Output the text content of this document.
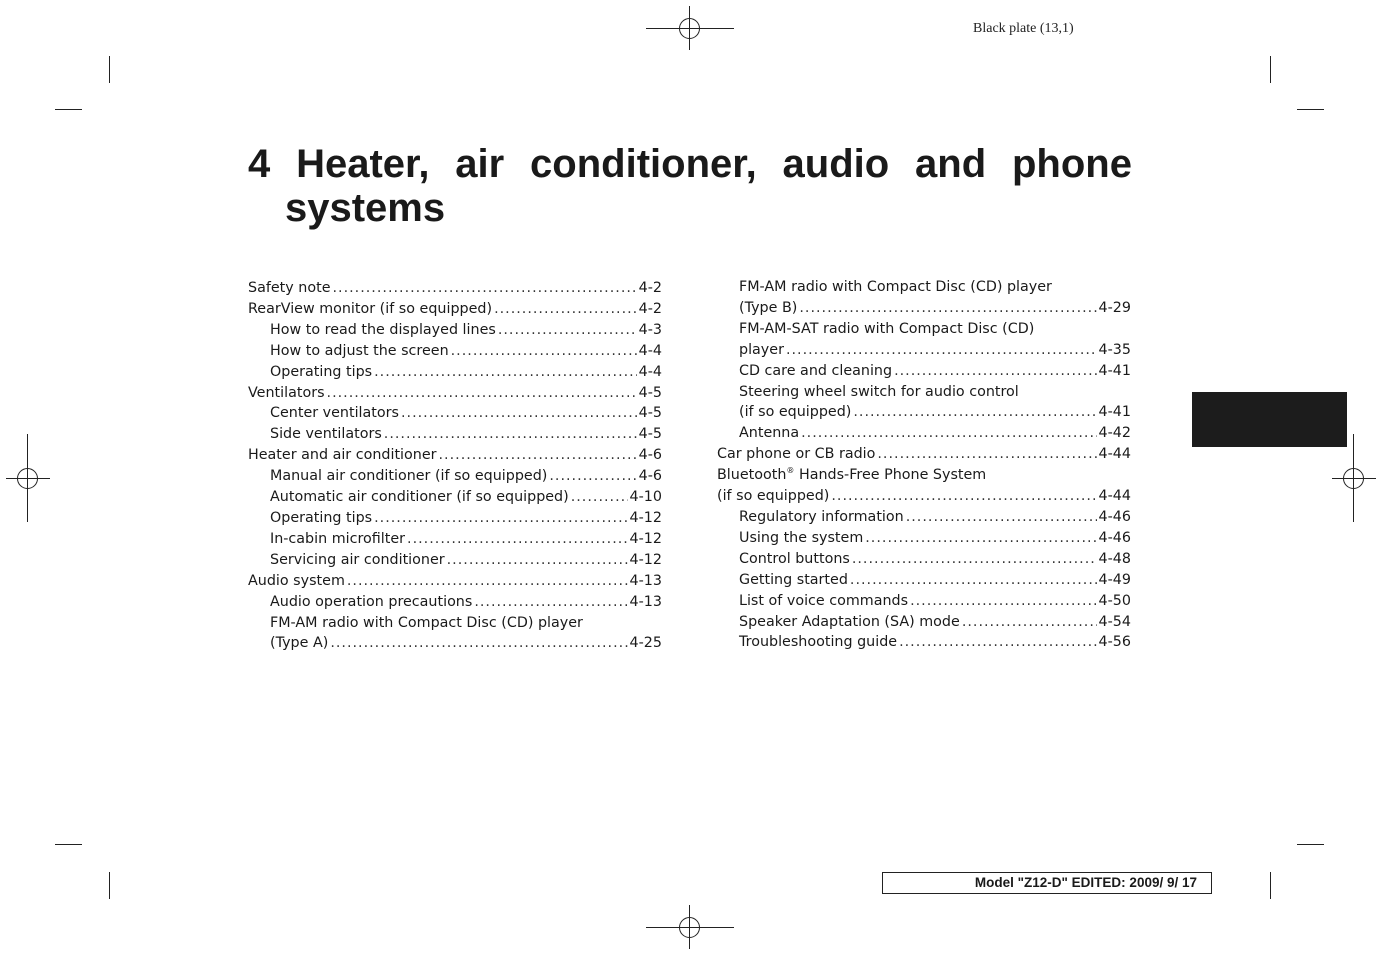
Black plate (13,1)
4 Heater, air conditioner, audio and phone
systems
Safety note .....	4-2
RearView monitor (if so equipped) .....	4-2
How to read the displayed lines .....	4-3
How to adjust the screen .....	4-4
Operating tips .....	4-4
Ventilators .....	4-5
Center ventilators .....	4-5
Side ventilators .....	4-5
Heater and air conditioner .....	4-6
Manual air conditioner (if so equipped) .....	4-6
Automatic air conditioner (if so equipped) .....	4-10
Operating tips .....	4-12
In-cabin microfilter .....	4-12
Servicing air conditioner .....	4-12
Audio system .....	4-13
Audio operation precautions .....	4-13
FM-AM radio with Compact Disc (CD) player
(Type A) .....	4-25
FM-AM radio with Compact Disc (CD) player
(Type B) .....	4-29
FM-AM-SAT radio with Compact Disc (CD)
player .....	4-35
CD care and cleaning .....	4-41
Steering wheel switch for audio control
(if so equipped) .....	4-41
Antenna .....	4-42
Car phone or CB radio .....	4-44
Bluetooth® Hands-Free Phone System
(if so equipped) .....	4-44
Regulatory information .....	4-46
Using the system .....	4-46
Control buttons .....	4-48
Getting started .....	4-49
List of voice commands .....	4-50
Speaker Adaptation (SA) mode .....	4-54
Troubleshooting guide .....	4-56
Model "Z12-D" EDITED: 2009/ 9/ 17
